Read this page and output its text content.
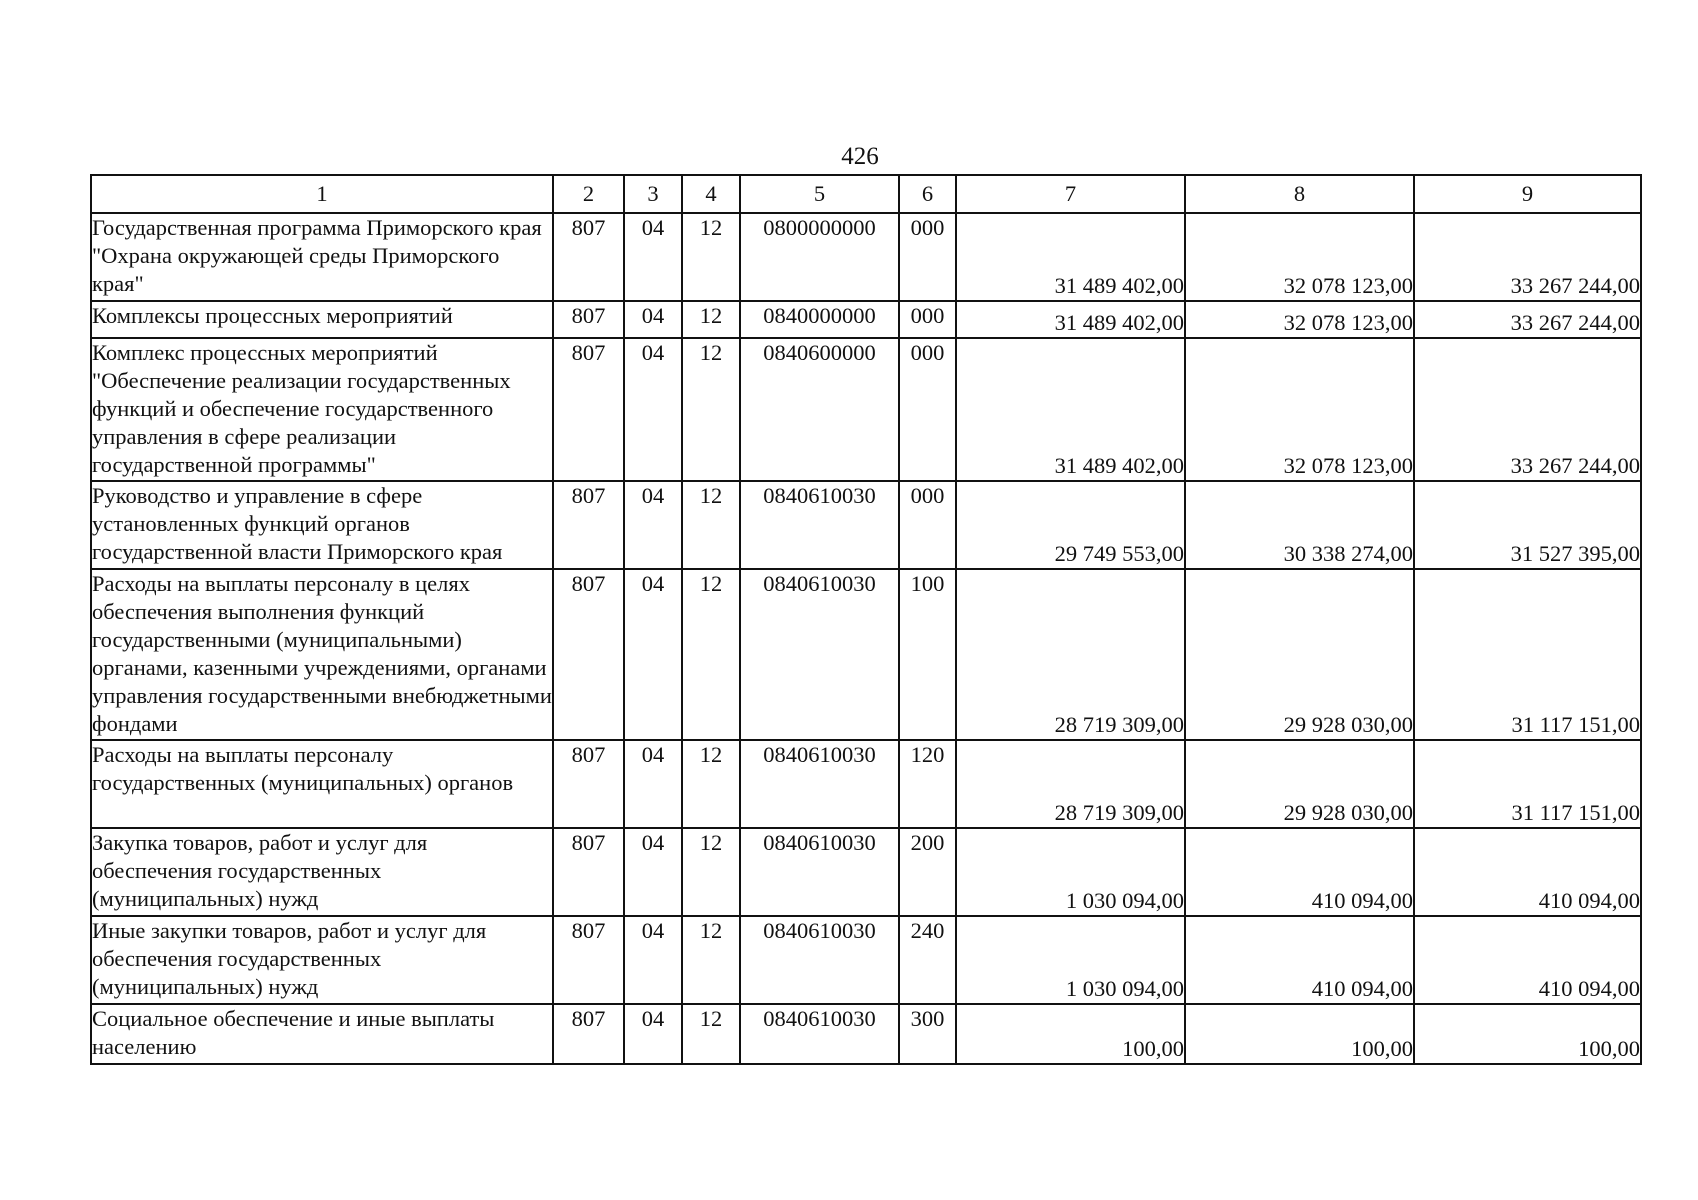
426
1	2	3	4	5	6	7	8	9
Государственная программа Приморского края "Охрана окружающей среды Приморского края"	807	04	12	0800000000	000	31 489 402,00	32 078 123,00	33 267 244,00
Комплексы процессных мероприятий	807	04	12	0840000000	000	31 489 402,00	32 078 123,00	33 267 244,00
Комплекс процессных мероприятий "Обеспечение реализации государственных функций и обеспечение государственного управления в сфере реализации государственной программы"	807	04	12	0840600000	000	31 489 402,00	32 078 123,00	33 267 244,00
Руководство и управление в сфере установленных функций органов государственной власти Приморского края	807	04	12	0840610030	000	29 749 553,00	30 338 274,00	31 527 395,00
Расходы на выплаты персоналу в целях обеспечения выполнения функций государственными (муниципальными) органами, казенными учреждениями, органами управления государственными внебюджетными фондами	807	04	12	0840610030	100	28 719 309,00	29 928 030,00	31 117 151,00
Расходы на выплаты персоналу государственных (муниципальных) органов	807	04	12	0840610030	120	28 719 309,00	29 928 030,00	31 117 151,00
Закупка товаров, работ и услуг для обеспечения государственных (муниципальных) нужд	807	04	12	0840610030	200	1 030 094,00	410 094,00	410 094,00
Иные закупки товаров, работ и услуг для обеспечения государственных (муниципальных) нужд	807	04	12	0840610030	240	1 030 094,00	410 094,00	410 094,00
Социальное обеспечение и иные выплаты населению	807	04	12	0840610030	300	100,00	100,00	100,00
